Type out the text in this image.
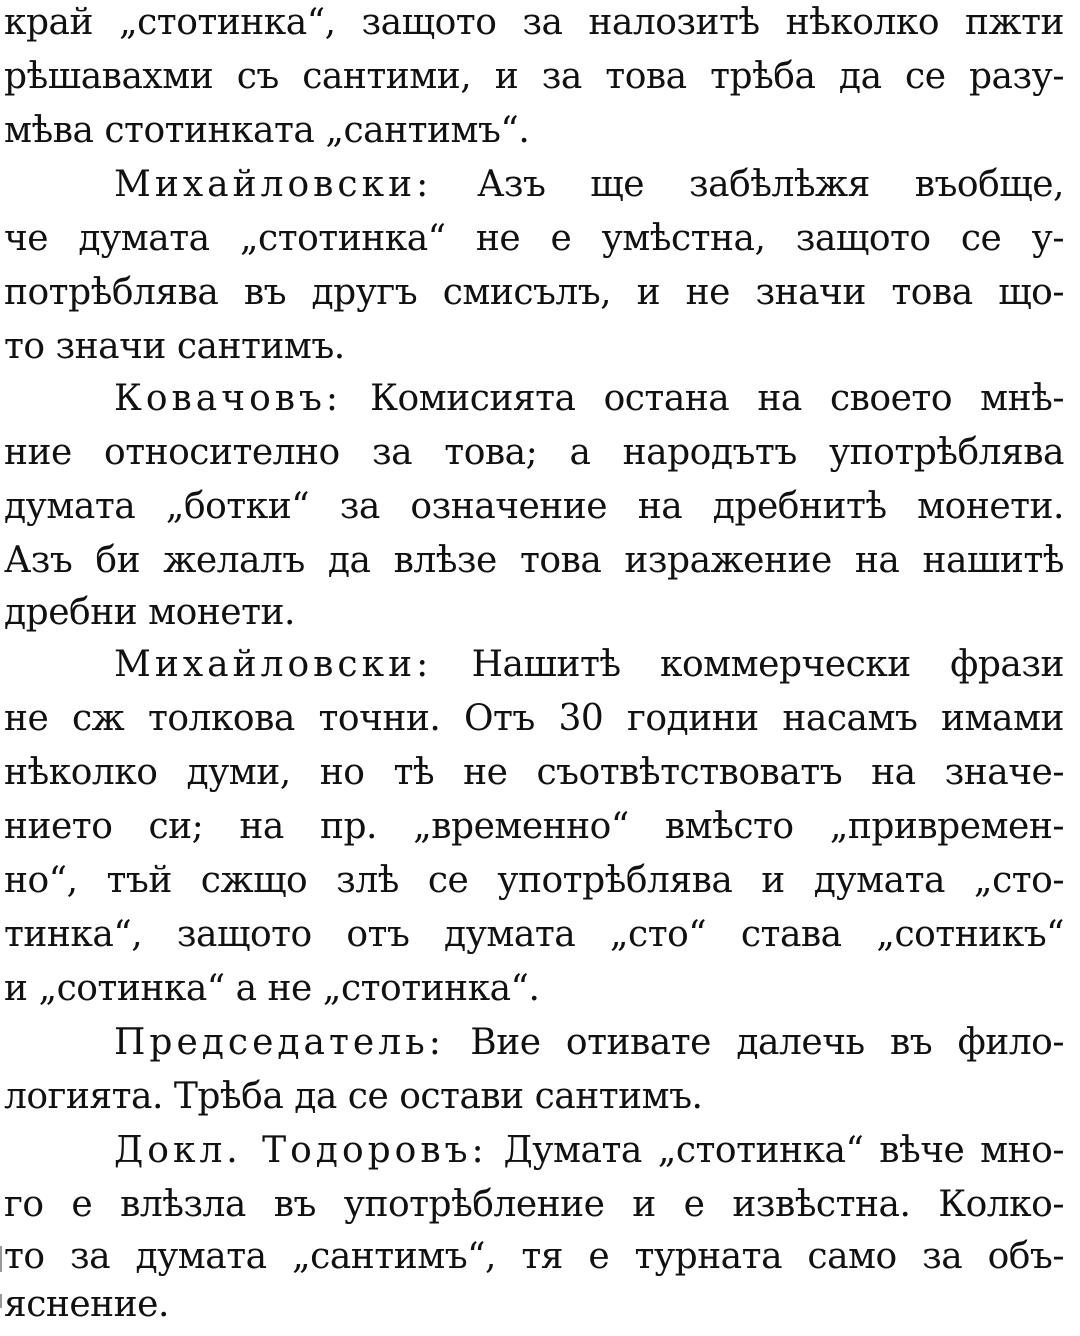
край „стотинка“, защото за налозитѣ нѣколко пжти
рѣшавахми съ сантими, и за това трѣба да се разу-
мѣва стотинката „сантимъ“.
Михайловски: Азъ ще забѣлѣжя въобще,
че думата „стотинка“ не е умѣстна, защото се у-
потрѣблява въ другъ смисълъ, и не значи това що-
то значи сантимъ.
Ковачовъ: Комисията остана на своето мнѣ-
ние относително за това; а народътъ употрѣблява
думата „ботки“ за означение на дребнитѣ монети.
Азъ би желалъ да влѣзе това изражение на нашитѣ
дребни монети.
Михайловски: Нашитѣ коммерчески фрази
не сж толкова точни. Отъ 30 години насамъ имами
нѣколко думи, но тѣ не съотвѣтствоватъ на значе-
нието си; на пр. „временно“ вмѣсто „привремен-
но“, тъй сжщо злѣ се употрѣблява и думата „сто-
тинка“, защото отъ думата „сто“ става „сотникъ“
и „сотинка“ а не „стотинка“.
Председатель: Вие отивате далечь въ фило-
логията. Трѣба да се остави сантимъ.
Докл. Тодоровъ: Думата „стотинка“ вѣче мно-
го е влѣзла въ употрѣбление и е извѣстна. Колко-
то за думата „сантимъ“, тя е турната само за объ-
яснение.
